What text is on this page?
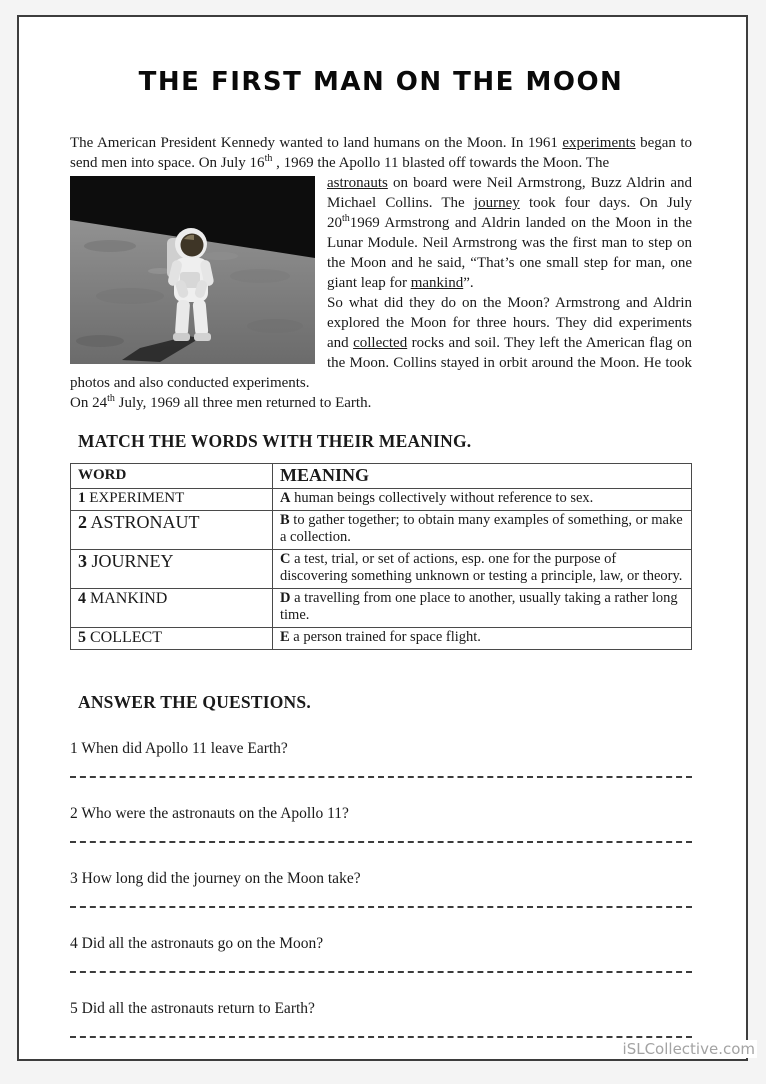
THE FIRST MAN ON THE MOON

The American President Kennedy wanted to land humans on the Moon. In 1961 experiments began to send men into space. On July 16th , 1969 the Apollo 11 blasted off towards the Moon. The

astronauts on board were Neil Armstrong, Buzz Aldrin and Michael Collins. The journey took four days. On July 20th1969 Armstrong and Aldrin landed on the Moon in the Lunar Module. Neil Armstrong was the first man to step on the Moon and he said, “That’s one small step for man, one giant leap for mankind”.
So what did they do on the Moon? Armstrong and Aldrin explored the Moon for three hours. They did experiments and collected rocks and soil. They left the American flag on the Moon. Collins stayed in orbit around the Moon. He took photos and also conducted experiments.
On 24th July, 1969 all three men returned to Earth.

MATCH THE WORDS WITH THEIR MEANING.
WORD	MEANING
1 EXPERIMENT	A human beings collectively without reference to sex.
2 ASTRONAUT	B to gather together; to obtain many examples of something, or make a collection.
3 JOURNEY	C a test, trial, or set of actions, esp. one for the purpose of discovering something unknown or testing a principle, law, or theory.
4 MANKIND	D a travelling from one place to another, usually taking a rather long time.
5 COLLECT	E a person trained for space flight.
ANSWER THE QUESTIONS.

1 When did Apollo 11 leave Earth?

2 Who were the astronauts on the Apollo 11?

3 How long did the journey on the Moon take?

4 Did all the astronauts go on the Moon?

5 Did all the astronauts return to Earth?

iSLCollective.com
